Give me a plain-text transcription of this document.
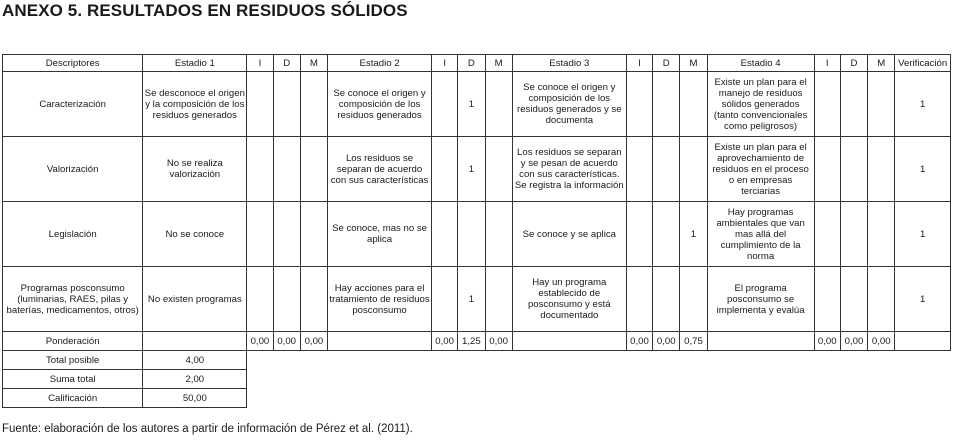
ANEXO 5. RESULTADOS EN RESIDUOS SÓLIDOS
Descriptores	Estadio 1	I	D	M	Estadio 2	I	D	M	Estadio 3	I	D	M	Estadio 4	I	D	M	Verificación
Caracterización	Se desconoce el origen y la composición de los residuos generados				Se conoce el origen y composición de los residuos generados		1		Se conoce el origen y composición de los residuos generados y se documenta				Existe un plan para el manejo de residuos sólidos generados (tanto convencionales como peligrosos)				1
Valorización	No se realiza valorización				Los residuos se separan de acuerdo con sus características		1		Los residuos se separan y se pesan de acuerdo con sus características. Se registra la información				Existe un plan para el aprovechamiento de residuos en el proceso o en empresas terciarias				1
Legislación	No se conoce				Se conoce, mas no se aplica				Se conoce y se aplica			1	Hay programas ambientales que van mas allá del cumplimiento de la norma				1
Programas posconsumo (luminarias, RAES, pilas y baterías, medicamentos, otros)	No existen programas				Hay acciones para el tratamiento de residuos posconsumo		1		Hay un programa establecido de posconsumo y está documentado				El programa posconsumo se implementa y evalúa				1
Ponderación		0,00	0,00	0,00		0,00	1,25	0,00		0,00	0,00	0,75		0,00	0,00	0,00	
Total posible	4,00																
Suma total	2,00																
Calificación	50,00																
Fuente: elaboración de los autores a partir de información de Pérez et al. (2011).
